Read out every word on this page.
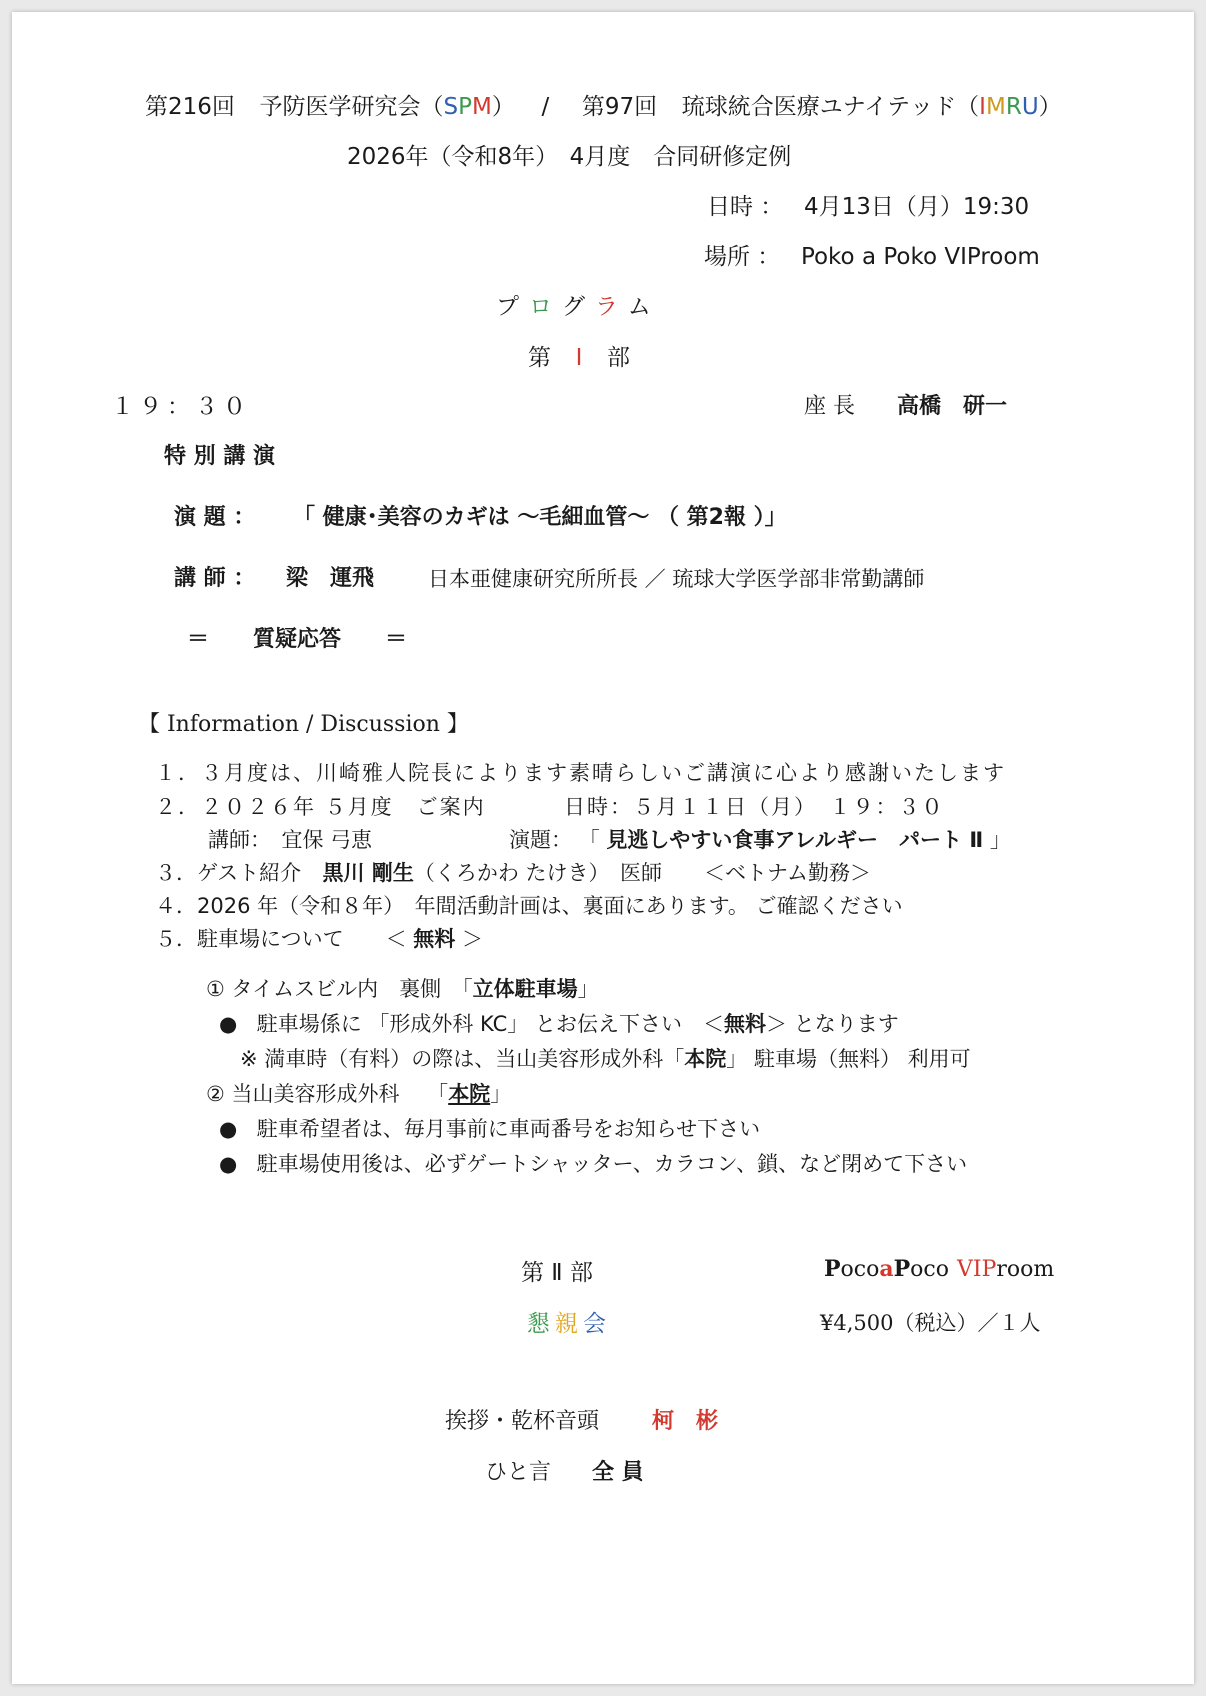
第216回 予防医学研究会（SPM） / 第97回 琉球統合医療ユナイテッド（IMRU）
2026年（令和8年）　4月度　合同研修定例
日時 ： 4月13日（月）19:30
場所 ： Poko a Poko VIProom
プログラム
第 I 部
１９：３０	座 長 高橋　研一
特 別 講 演
演 題 ： 「 健康･美容のカギは ～毛細血管～ （ 第2報 ）」
講 師 ： 梁　運飛	日本亜健康研究所所長 ／ 琉球大学医学部非常勤講師
＝　　質疑応答　　＝
【 Information / Discussion 】
１．３月度は、川崎雅人院長によります素晴らしいご講演に心より感謝いたします
２．２０２６年 ５月度　ご案内	日時：５月１１日（月）　１９：３０
講師：　宜保 弓恵	演題： 「 見逃しやすい食事アレルギー　パート Ⅱ 」
３．ゲスト紹介 黒川 剛生（くろかわ たけき）　医師　　＜ベトナム勤務＞
４．2026 年（令和８年）　年間活動計画は、裏面にあります。 ご確認ください
５．駐車場について　　＜ 無料 ＞
① タイムスビル内　裏側　「立体駐車場」
● 駐車場係に 「形成外科 KC」 とお伝え下さい　＜無料＞ となります
※ 満車時（有料）の際は、当山美容形成外科「本院」 駐車場（無料） 利用可
② 当山美容形成外科　 「本院」
● 駐車希望者は、毎月事前に車両番号をお知らせ下さい
● 駐車場使用後は、必ずゲートシャッター、カラコン、鎖、など閉めて下さい
第 Ⅱ 部	PocoaPoco VIProom
懇親会	¥4,500（税込）／１人
挨拶・乾杯音頭 柯　彬
ひと言 全 員
